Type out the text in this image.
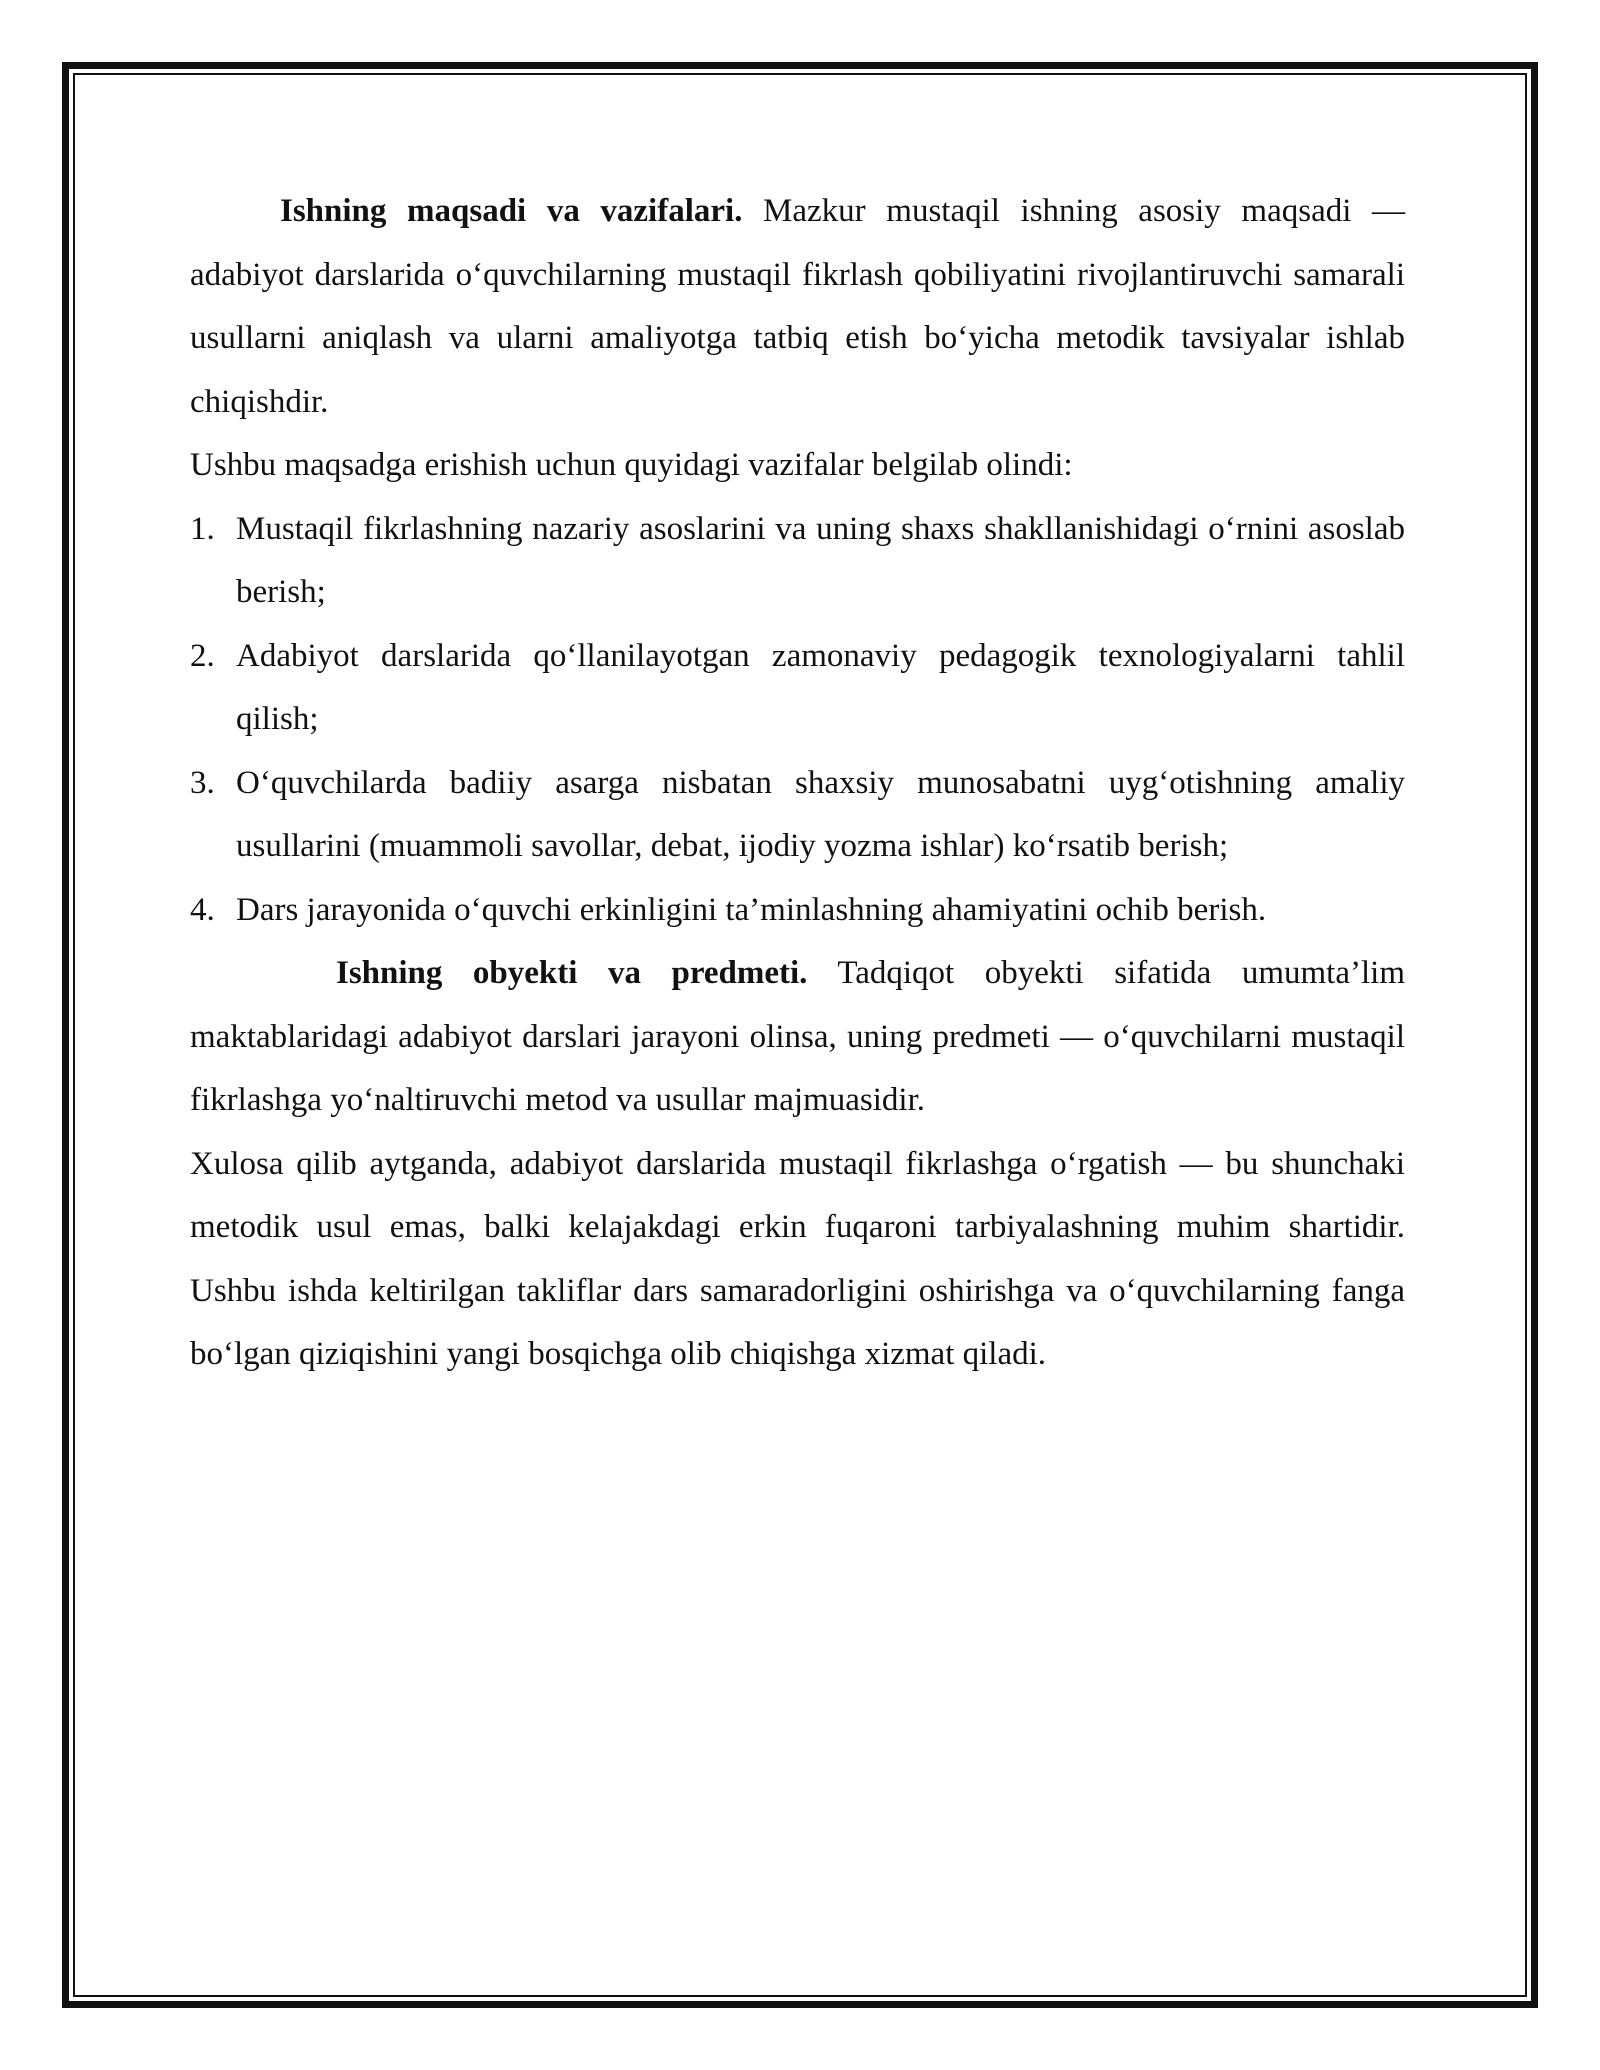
Ishning maqsadi va vazifalari. Mazkur mustaqil ishning asosiy maqsadi — adabiyot darslarida o‘quvchilarning mustaqil fikrlash qobiliyatini rivojlantiruvchi samarali usullarni aniqlash va ularni amaliyotga tatbiq etish bo‘yicha metodik tavsiyalar ishlab chiqishdir.

Ushbu maqsadga erishish uchun quyidagi vazifalar belgilab olindi:

1. Mustaqil fikrlashning nazariy asoslarini va uning shaxs shakllanishidagi o‘rnini asoslab berish;
2. Adabiyot darslarida qo‘llanilayotgan zamonaviy pedagogik texnologiyalarni tahlil qilish;
3. O‘quvchilarda badiiy asarga nisbatan shaxsiy munosabatni uyg‘otishning amaliy usullarini (muammoli savollar, debat, ijodiy yozma ishlar) ko‘rsatib berish;
4. Dars jarayonida o‘quvchi erkinligini ta’minlashning ahamiyatini ochib berish.

Ishning obyekti va predmeti. Tadqiqot obyekti sifatida umumta’lim maktablaridagi adabiyot darslari jarayoni olinsa, uning predmeti — o‘quvchilarni mustaqil fikrlashga yo‘naltiruvchi metod va usullar majmuasidir.

Xulosa qilib aytganda, adabiyot darslarida mustaqil fikrlashga o‘rgatish — bu shunchaki metodik usul emas, balki kelajakdagi erkin fuqaroni tarbiyalashning muhim shartidir. Ushbu ishda keltirilgan takliflar dars samaradorligini oshirishga va o‘quvchilarning fanga bo‘lgan qiziqishini yangi bosqichga olib chiqishga xizmat qiladi.
